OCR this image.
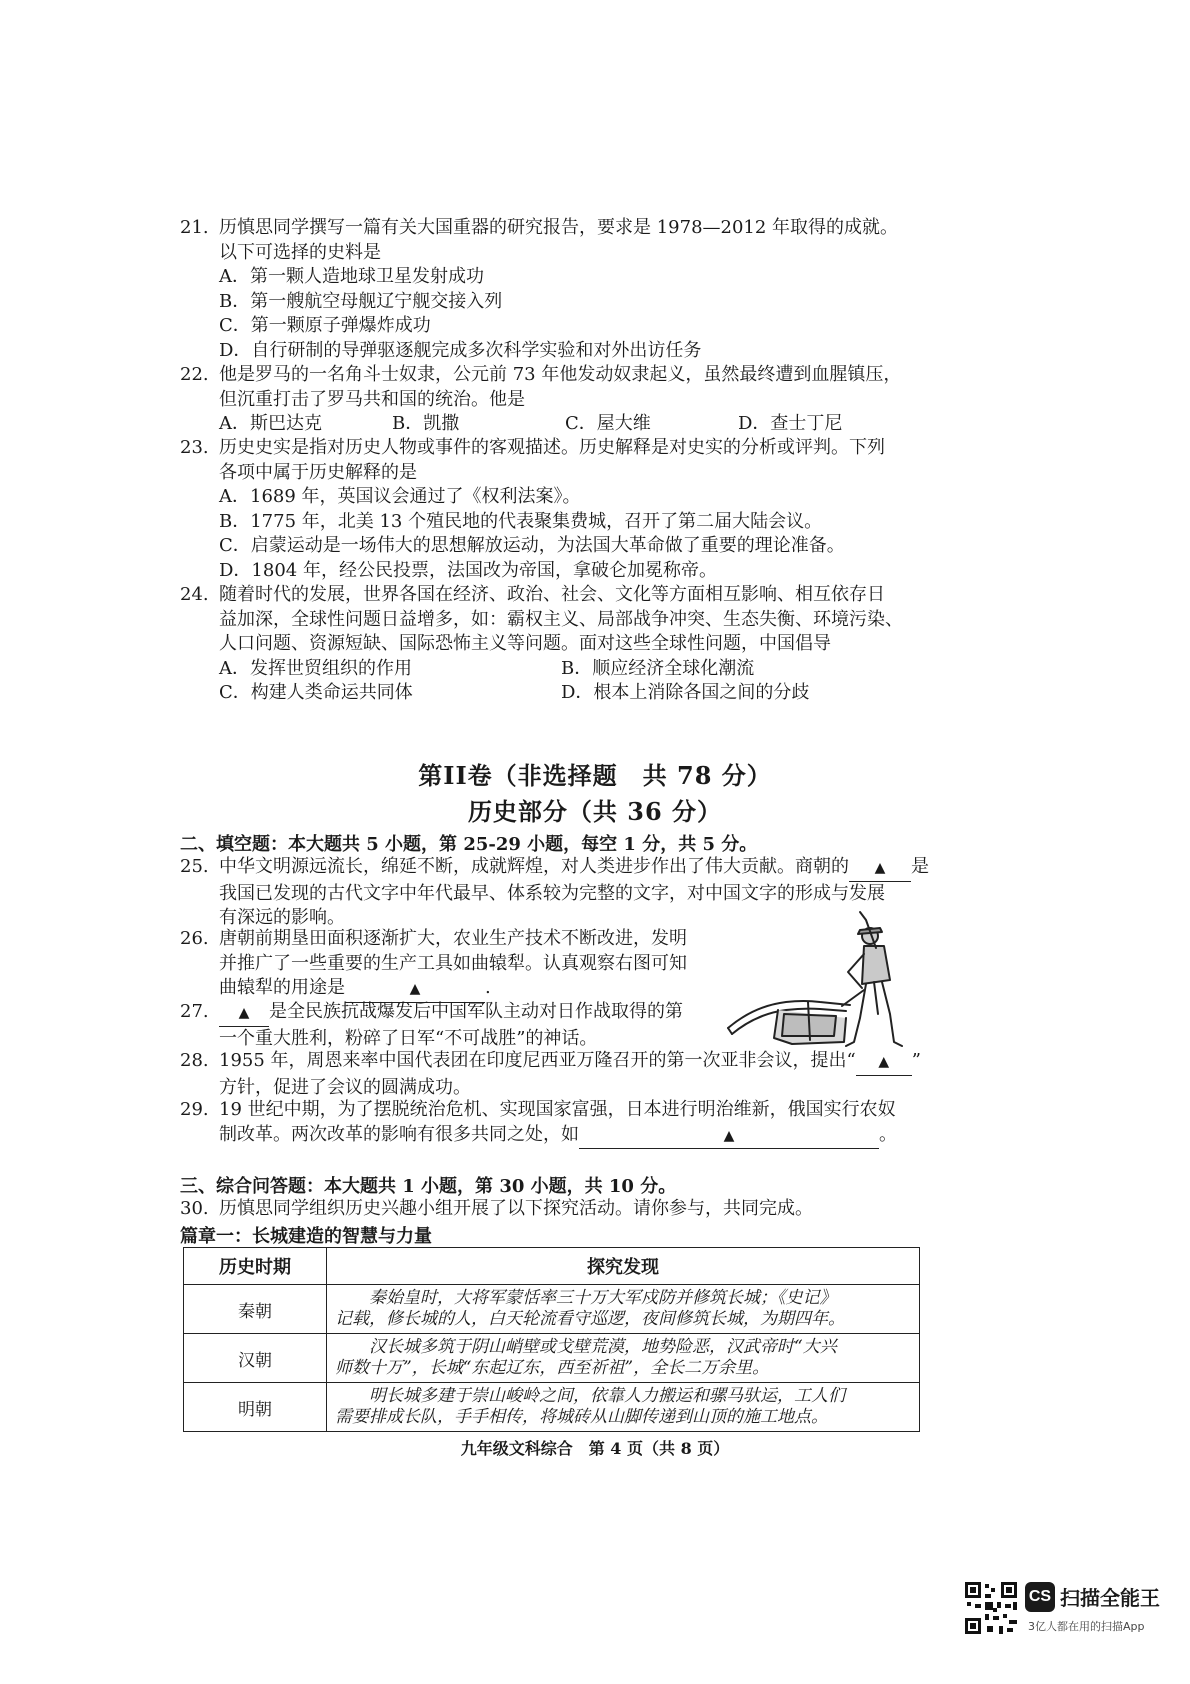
21. 历慎思同学撰写一篇有关大国重器的研究报告，要求是 1978—2012 年取得的成就。
以下可选择的史料是
A．第一颗人造地球卫星发射成功
B．第一艘航空母舰辽宁舰交接入列
C．第一颗原子弹爆炸成功
D．自行研制的导弹驱逐舰完成多次科学实验和对外出访任务
22. 他是罗马的一名角斗士奴隶，公元前 73 年他发动奴隶起义，虽然最终遭到血腥镇压，
但沉重打击了罗马共和国的统治。他是
A．斯巴达克	B．凯撒	C．屋大维	D．查士丁尼
23. 历史史实是指对历史人物或事件的客观描述。历史解释是对史实的分析或评判。下列
各项中属于历史解释的是
A．1689 年，英国议会通过了《权利法案》。
B．1775 年，北美 13 个殖民地的代表聚集费城，召开了第二届大陆会议。
C．启蒙运动是一场伟大的思想解放运动，为法国大革命做了重要的理论准备。
D．1804 年，经公民投票，法国改为帝国，拿破仑加冕称帝。
24. 随着时代的发展，世界各国在经济、政治、社会、文化等方面相互影响、相互依存日
益加深，全球性问题日益增多，如：霸权主义、局部战争冲突、生态失衡、环境污染、
人口问题、资源短缺、国际恐怖主义等问题。面对这些全球性问题，中国倡导
A．发挥世贸组织的作用	B．顺应经济全球化潮流
C．构建人类命运共同体	D．根本上消除各国之间的分歧
第II卷（非选择题　共 78 分）
历史部分（共 36 分）
二、填空题：本大题共 5 小题，第 25-29 小题，每空 1 分，共 5 分。
25. 中华文明源远流长，绵延不断，成就辉煌，对人类进步作出了伟大贡献。商朝的 ▲ 是
我国已发现的古代文字中年代最早、体系较为完整的文字，对中国文字的形成与发展
有深远的影响。
26. 唐朝前期垦田面积逐渐扩大，农业生产技术不断改进，发明
并推广了一些重要的生产工具如曲辕犁。认真观察右图可知
曲辕犁的用途是	▲	.
27. ▲ 是全民族抗战爆发后中国军队主动对日作战取得的第
一个重大胜利，粉碎了日军“不可战胜”的神话。
28. 1955 年，周恩来率中国代表团在印度尼西亚万隆召开的第一次亚非会议，提出“ ▲ ”
方针，促进了会议的圆满成功。
29. 19 世纪中期，为了摆脱统治危机、实现国家富强，日本进行明治维新，俄国实行农奴
制改革。两次改革的影响有很多共同之处，如	▲	。
三、综合问答题：本大题共 1 小题，第 30 小题，共 10 分。
30. 历慎思同学组织历史兴趣小组开展了以下探究活动。请你参与，共同完成。
篇章一：长城建造的智慧与力量
历史时期	探究发现
秦朝	秦始皇时，大将军蒙恬率三十万大军戍防并修筑长城；《史记》
记载，修长城的人，白天轮流看守巡逻，夜间修筑长城，为期四年。

汉朝	汉长城多筑于阴山峭壁或戈壁荒漠，地势险恶，汉武帝时“大兴
师数十万”，长城“东起辽东，西至祈祖”，全长二万余里。

明朝	明长城多建于崇山峻岭之间，依靠人力搬运和骡马驮运，工人们
需要排成长队，手手相传，将城砖从山脚传递到山顶的施工地点。
九年级文科综合　第 4 页（共 8 页）
CS 扫描全能王
3亿人都在用的扫描App
